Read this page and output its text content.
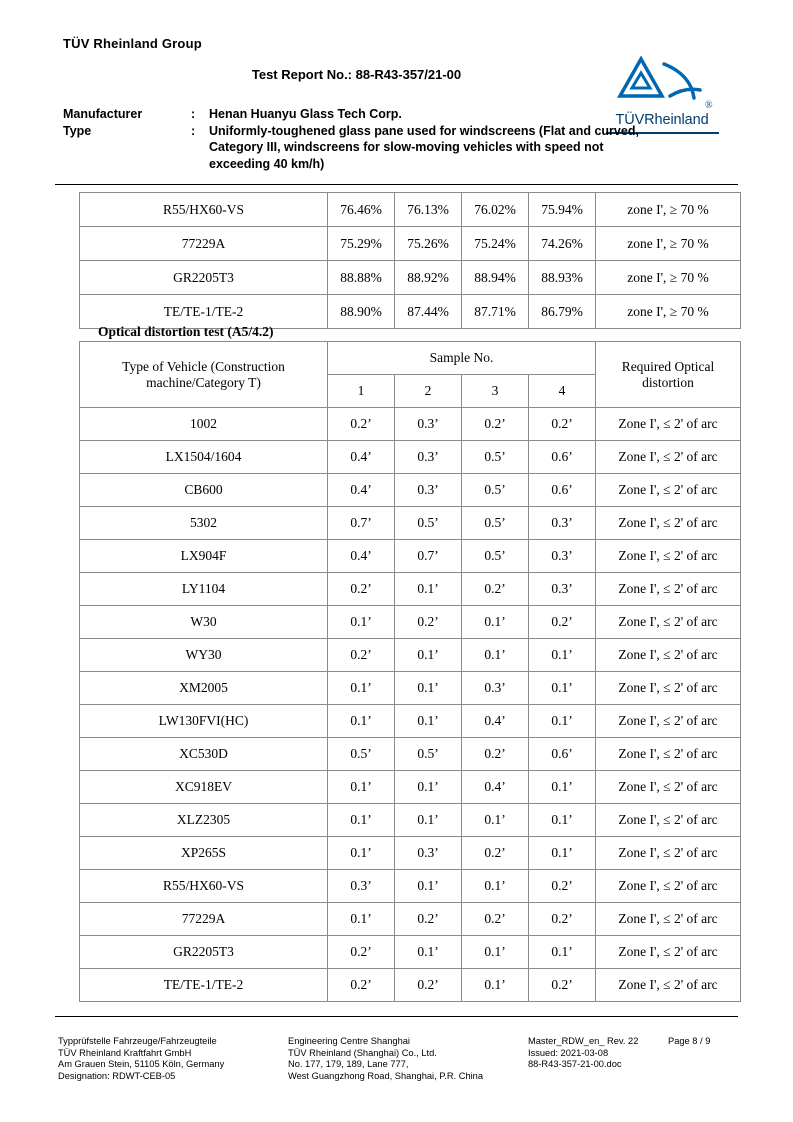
TÜV Rheinland Group
Test Report No.: 88-R43-357/21-00
®
TÜVRheinland
Manufacturer	:	Henan Huanyu Glass Tech Corp.
Type	:	Uniformly-toughened glass pane used for windscreens (Flat and curved, Category III, windscreens for slow-moving vehicles with speed not exceeding 40 km/h)
R55/HX60-VS	76.46%	76.13%	76.02%	75.94%	zone I', ≥ 70 %
77229A	75.29%	75.26%	75.24%	74.26%	zone I', ≥ 70 %
GR2205T3	88.88%	88.92%	88.94%	88.93%	zone I', ≥ 70 %
TE/TE-1/TE-2	88.90%	87.44%	87.71%	86.79%	zone I', ≥ 70 %
Optical distortion test (A5/4.2)
Type of Vehicle (Construction machine/Category T)	Sample No.				Required Optical distortion
	1	2	3	4	
1002	0.2’	0.3’	0.2’	0.2’	Zone I', ≤ 2' of arc
LX1504/1604	0.4’	0.3’	0.5’	0.6’	Zone I', ≤ 2' of arc
CB600	0.4’	0.3’	0.5’	0.6’	Zone I', ≤ 2' of arc
5302	0.7’	0.5’	0.5’	0.3’	Zone I', ≤ 2' of arc
LX904F	0.4’	0.7’	0.5’	0.3’	Zone I', ≤ 2' of arc
LY1104	0.2’	0.1’	0.2’	0.3’	Zone I', ≤ 2' of arc
W30	0.1’	0.2’	0.1’	0.2’	Zone I', ≤ 2' of arc
WY30	0.2’	0.1’	0.1’	0.1’	Zone I', ≤ 2' of arc
XM2005	0.1’	0.1’	0.3’	0.1’	Zone I', ≤ 2' of arc
LW130FVI(HC)	0.1’	0.1’	0.4’	0.1’	Zone I', ≤ 2' of arc
XC530D	0.5’	0.5’	0.2’	0.6’	Zone I', ≤ 2' of arc
XC918EV	0.1’	0.1’	0.4’	0.1’	Zone I', ≤ 2' of arc
XLZ2305	0.1’	0.1’	0.1’	0.1’	Zone I', ≤ 2' of arc
XP265S	0.1’	0.3’	0.2’	0.1’	Zone I', ≤ 2' of arc
R55/HX60-VS	0.3’	0.1’	0.1’	0.2’	Zone I', ≤ 2' of arc
77229A	0.1’	0.2’	0.2’	0.2’	Zone I', ≤ 2' of arc
GR2205T3	0.2’	0.1’	0.1’	0.1’	Zone I', ≤ 2' of arc
TE/TE-1/TE-2	0.2’	0.2’	0.1’	0.2’	Zone I', ≤ 2' of arc
Typprüfstelle Fahrzeuge/Fahrzeugteile
TÜV Rheinland Kraftfahrt GmbH
Am Grauen Stein, 51105 Köln, Germany
Designation: RDWT-CEB-05
Engineering Centre Shanghai
TÜV Rheinland (Shanghai) Co., Ltd.
No. 177, 179, 189, Lane 777,
West Guangzhong Road, Shanghai, P.R. China
Master_RDW_en_ Rev. 22
Issued: 2021-03-08
88-R43-357-21-00.doc
Page 8 / 9
